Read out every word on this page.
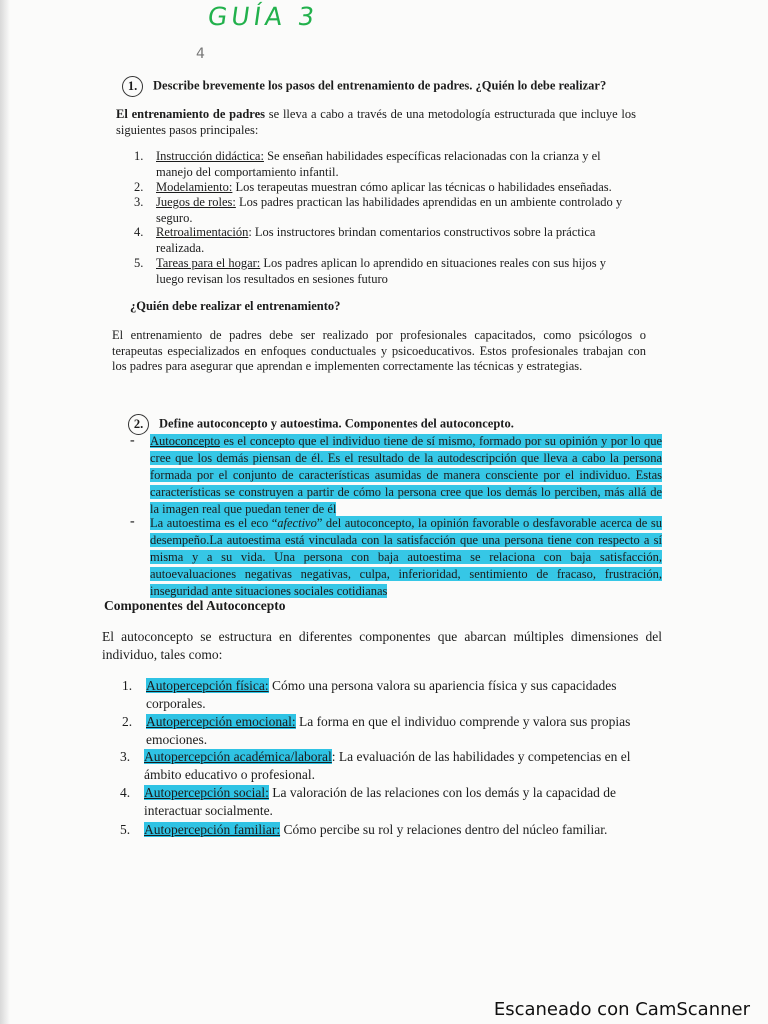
GUÍA 3
4
1. Describe brevemente los pasos del entrenamiento de padres. ¿Quién lo debe realizar?
El entrenamiento de padres se lleva a cabo a través de una metodología estructurada que incluye los siguientes pasos principales:
1. Instrucción didáctica: Se enseñan habilidades específicas relacionadas con la crianza y el manejo del comportamiento infantil.
2. Modelamiento: Los terapeutas muestran cómo aplicar las técnicas o habilidades enseñadas.
3. Juegos de roles: Los padres practican las habilidades aprendidas en un ambiente controlado y seguro.
4. Retroalimentación: Los instructores brindan comentarios constructivos sobre la práctica realizada.
5. Tareas para el hogar: Los padres aplican lo aprendido en situaciones reales con sus hijos y luego revisan los resultados en sesiones futuro
¿Quién debe realizar el entrenamiento?
El entrenamiento de padres debe ser realizado por profesionales capacitados, como psicólogos o terapeutas especializados en enfoques conductuales y psicoeducativos. Estos profesionales trabajan con los padres para asegurar que aprendan e implementen correctamente las técnicas y estrategias.
2. Define autoconcepto y autoestima. Componentes del autoconcepto.
- Autoconcepto es el concepto que el individuo tiene de sí mismo, formado por su opinión y por lo que cree que los demás piensan de él. Es el resultado de la autodescripción que lleva a cabo la persona formada por el conjunto de características asumidas de manera consciente por el individuo. Estas características se construyen a partir de cómo la persona cree que los demás lo perciben, más allá de la imagen real que puedan tener de él
- La autoestima es el eco “afectivo” del autoconcepto, la opinión favorable o desfavorable acerca de su desempeño.La autoestima está vinculada con la satisfacción que una persona tiene con respecto a sí misma y a su vida. Una persona con baja autoestima se relaciona con baja satisfacción, autoevaluaciones negativas negativas, culpa, inferioridad, sentimiento de fracaso, frustración, inseguridad ante situaciones sociales cotidianas
Componentes del Autoconcepto
El autoconcepto se estructura en diferentes componentes que abarcan múltiples dimensiones del individuo, tales como:
1. Autopercepción física: Cómo una persona valora su apariencia física y sus capacidades corporales.
2. Autopercepción emocional: La forma en que el individuo comprende y valora sus propias emociones.
3. Autopercepción académica/laboral: La evaluación de las habilidades y competencias en el ámbito educativo o profesional.
4. Autopercepción social: La valoración de las relaciones con los demás y la capacidad de interactuar socialmente.
5. Autopercepción familiar: Cómo percibe su rol y relaciones dentro del núcleo familiar.
Escaneado con CamScanner
